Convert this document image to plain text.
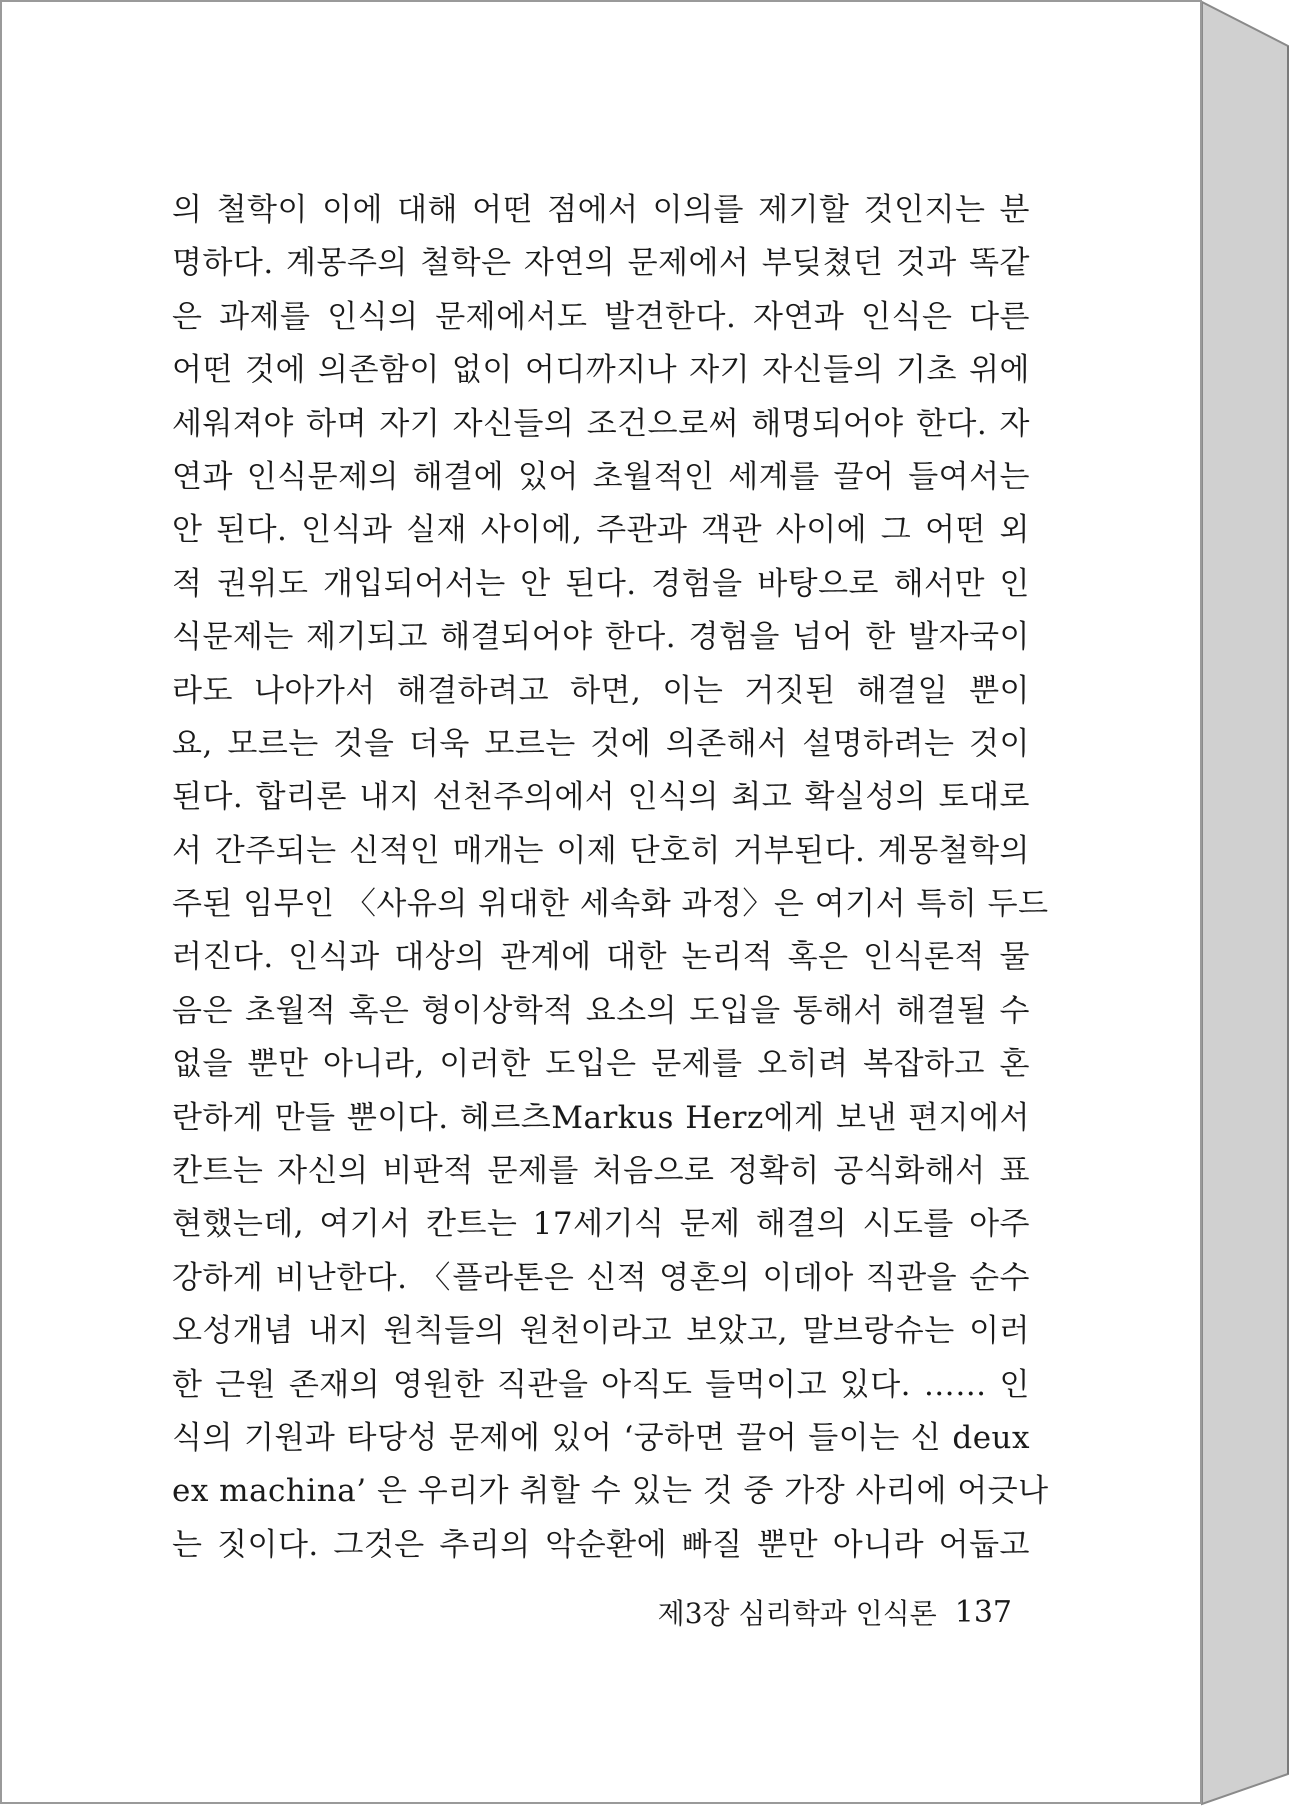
의 철학이 이에 대해 어떤 점에서 이의를 제기할 것인지는 분
명하다. 계몽주의 철학은 자연의 문제에서 부딪쳤던 것과 똑같
은 과제를 인식의 문제에서도 발견한다. 자연과 인식은 다른
어떤 것에 의존함이 없이 어디까지나 자기 자신들의 기초 위에
세워져야 하며 자기 자신들의 조건으로써 해명되어야 한다. 자
연과 인식문제의 해결에 있어 초월적인 세계를 끌어 들여서는
안 된다. 인식과 실재 사이에, 주관과 객관 사이에 그 어떤 외
적 권위도 개입되어서는 안 된다. 경험을 바탕으로 해서만 인
식문제는 제기되고 해결되어야 한다. 경험을 넘어 한 발자국이
라도 나아가서 해결하려고 하면, 이는 거짓된 해결일 뿐이
요, 모르는 것을 더욱 모르는 것에 의존해서 설명하려는 것이
된다. 합리론 내지 선천주의에서 인식의 최고 확실성의 토대로
서 간주되는 신적인 매개는 이제 단호히 거부된다. 계몽철학의
주된 임무인 〈사유의 위대한 세속화 과정〉은 여기서 특히 두드
러진다. 인식과 대상의 관계에 대한 논리적 혹은 인식론적 물
음은 초월적 혹은 형이상학적 요소의 도입을 통해서 해결될 수
없을 뿐만 아니라, 이러한 도입은 문제를 오히려 복잡하고 혼
란하게 만들 뿐이다. 헤르츠Markus Herz에게 보낸 편지에서
칸트는 자신의 비판적 문제를 처음으로 정확히 공식화해서 표
현했는데, 여기서 칸트는 17세기식 문제 해결의 시도를 아주
강하게 비난한다. 〈플라톤은 신적 영혼의 이데아 직관을 순수
오성개념 내지 원칙들의 원천이라고 보았고, 말브랑슈는 이러
한 근원 존재의 영원한 직관을 아직도 들먹이고 있다. …… 인
식의 기원과 타당성 문제에 있어 ‘궁하면 끌어 들이는 신 deux
ex machina’ 은 우리가 취할 수 있는 것 중 가장 사리에 어긋나
는 짓이다. 그것은 추리의 악순환에 빠질 뿐만 아니라 어둡고
제3장 심리학과 인식론 137
